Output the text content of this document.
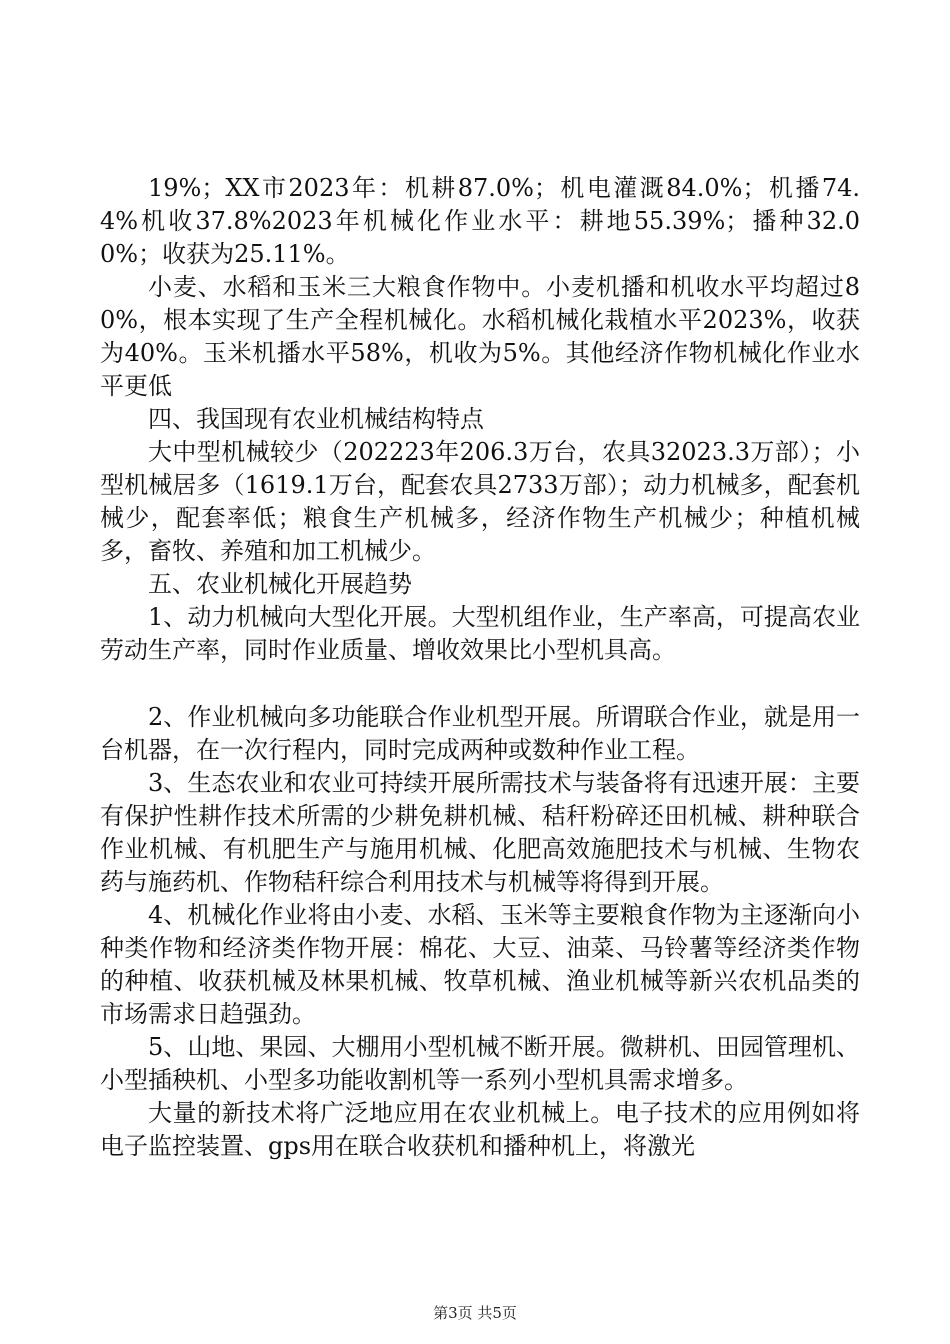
19%；XX市2023年：机耕87.0%；机电灌溉84.0%；机播74.4%机收37.8%2023年机械化作业水平：耕地55.39%；播种32.00%；收获为25.11%。

小麦、水稻和玉米三大粮食作物中。小麦机播和机收水平均超过80%，根本实现了生产全程机械化。水稻机械化栽植水平2023%，收获为40%。玉米机播水平58%，机收为5%。其他经济作物机械化作业水平更低

四、我国现有农业机械结构特点

大中型机械较少（202223年206.3万台，农具32023.3万部）；小型机械居多（1619.1万台，配套农具2733万部）；动力机械多，配套机械少，配套率低；粮食生产机械多，经济作物生产机械少；种植机械多，畜牧、养殖和加工机械少。

五、农业机械化开展趋势

1、动力机械向大型化开展。大型机组作业，生产率高，可提高农业劳动生产率，同时作业质量、增收效果比小型机具高。

2、作业机械向多功能联合作业机型开展。所谓联合作业，就是用一台机器，在一次行程内，同时完成两种或数种作业工程。

3、生态农业和农业可持续开展所需技术与装备将有迅速开展：主要有保护性耕作技术所需的少耕免耕机械、秸秆粉碎还田机械、耕种联合作业机械、有机肥生产与施用机械、化肥高效施肥技术与机械、生物农药与施药机、作物秸秆综合利用技术与机械等将得到开展。

4、机械化作业将由小麦、水稻、玉米等主要粮食作物为主逐渐向小种类作物和经济类作物开展：棉花、大豆、油菜、马铃薯等经济类作物的种植、收获机械及林果机械、牧草机械、渔业机械等新兴农机品类的市场需求日趋强劲。

5、山地、果园、大棚用小型机械不断开展。微耕机、田园管理机、小型插秧机、小型多功能收割机等一系列小型机具需求增多。

大量的新技术将广泛地应用在农业机械上。电子技术的应用例如将电子监控装置、gps用在联合收获机和播种机上，将激光

第3页 共5页
